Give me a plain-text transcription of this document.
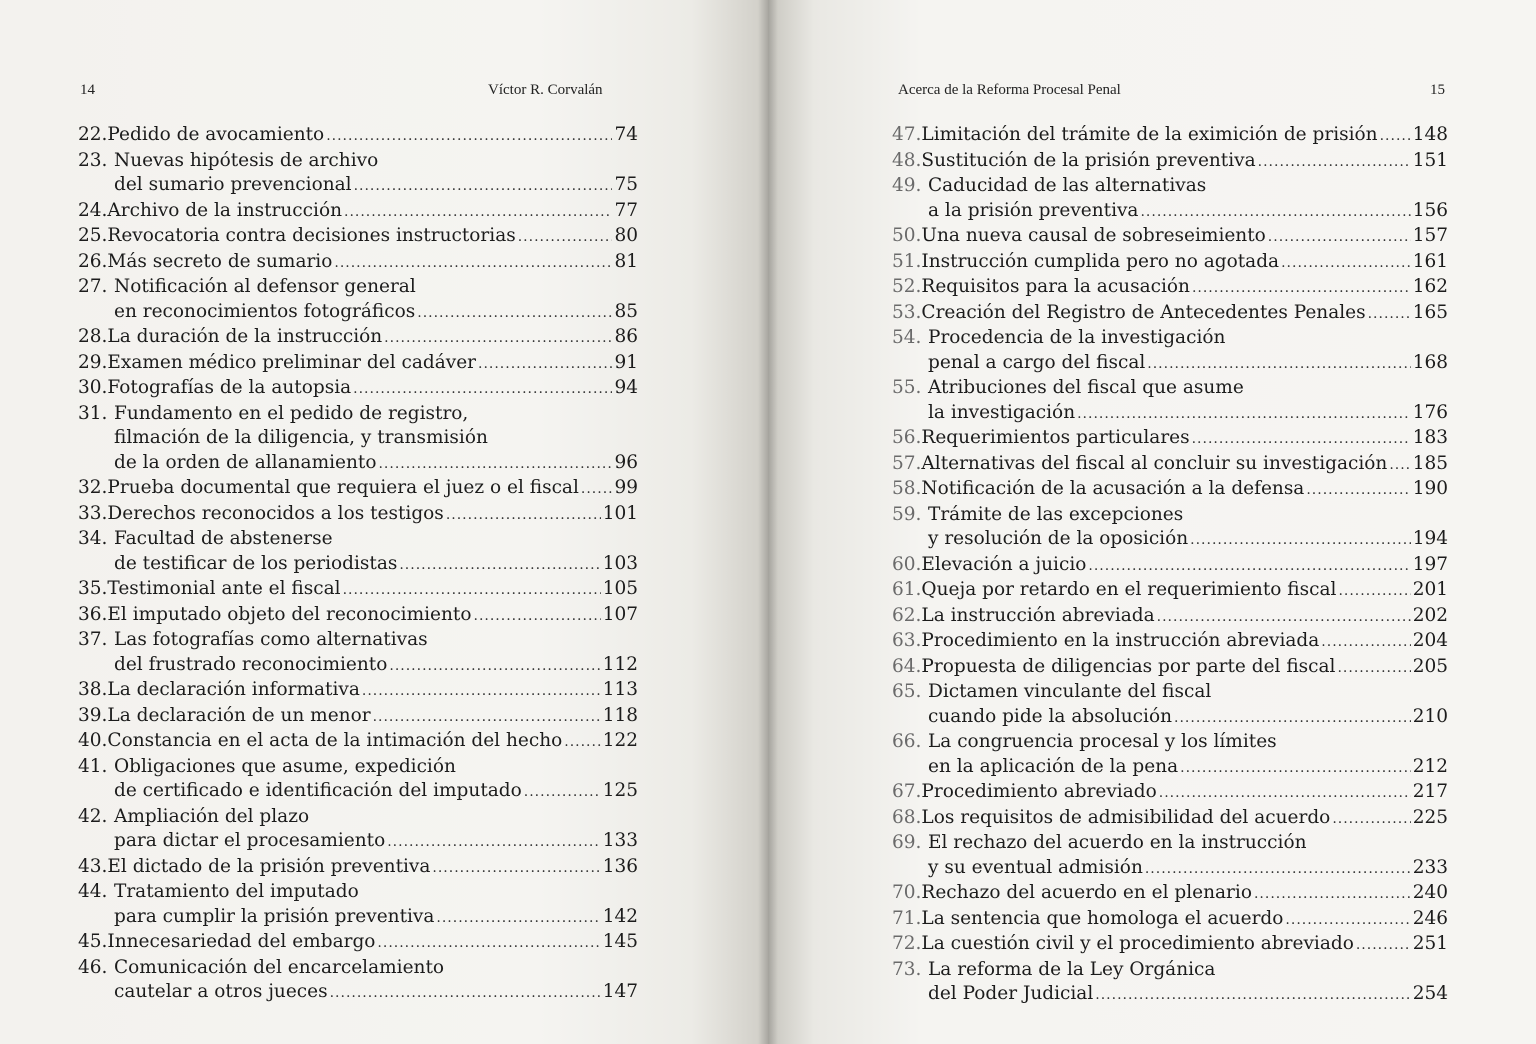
14	Víctor R. Corvalán
22. Pedido de avocamiento .....	74
23. Nuevas hipótesis de archivo
del sumario prevencional .....	75
24. Archivo de la instrucción .....	77
25. Revocatoria contra decisiones instructorias .....	80
26. Más secreto de sumario .....	81
27. Notificación al defensor general
en reconocimientos fotográficos .....	85
28. La duración de la instrucción .....	86
29. Examen médico preliminar del cadáver .....	91
30. Fotografías de la autopsia .....	94
31. Fundamento en el pedido de registro,
filmación de la diligencia, y transmisión
de la orden de allanamiento .....	96
32. Prueba documental que requiera el juez o el fiscal ..... 99
33. Derechos reconocidos a los testigos .....	101
34. Facultad de abstenerse
de testificar de los periodistas .....	103
35. Testimonial ante el fiscal .....	105
36. El imputado objeto del reconocimiento .....	107
37. Las fotografías como alternativas
del frustrado reconocimiento .....	112
38. La declaración informativa .....	113
39. La declaración de un menor .....	118
40. Constancia en el acta de la intimación del hecho ..... 122
41. Obligaciones que asume, expedición
de certificado e identificación del imputado .....	125
42. Ampliación del plazo
para dictar el procesamiento .....	133
43. El dictado de la prisión preventiva .....	136
44. Tratamiento del imputado
para cumplir la prisión preventiva .....	142
45. Innecesariedad del embargo .....	145
46. Comunicación del encarcelamiento
cautelar a otros jueces .....	147
Acerca de la Reforma Procesal Penal	15
47. Limitación del trámite de la eximición de prisión ..... 148
48. Sustitución de la prisión preventiva .....	151
49. Caducidad de las alternativas
a la prisión preventiva .....	156
50. Una nueva causal de sobreseimiento .....	157
51. Instrucción cumplida pero no agotada .....	161
52. Requisitos para la acusación .....	162
53. Creación del Registro de Antecedentes Penales .....	165
54. Procedencia de la investigación
penal a cargo del fiscal .....	168
55. Atribuciones del fiscal que asume
la investigación .....	176
56. Requerimientos particulares .....	183
57. Alternativas del fiscal al concluir su investigación ..... 185
58. Notificación de la acusación a la defensa .....	190
59. Trámite de las excepciones
y resolución de la oposición .....	194
60. Elevación a juicio .....	197
61. Queja por retardo en el requerimiento fiscal .....	201
62. La instrucción abreviada .....	202
63. Procedimiento en la instrucción abreviada .....	204
64. Propuesta de diligencias por parte del fiscal .....	205
65. Dictamen vinculante del fiscal
cuando pide la absolución .....	210
66. La congruencia procesal y los límites
en la aplicación de la pena .....	212
67. Procedimiento abreviado .....	217
68. Los requisitos de admisibilidad del acuerdo .....	225
69. El rechazo del acuerdo en la instrucción
y su eventual admisión .....	233
70. Rechazo del acuerdo en el plenario .....	240
71. La sentencia que homologa el acuerdo .....	246
72. La cuestión civil y el procedimiento abreviado .....	251
73. La reforma de la Ley Orgánica
del Poder Judicial .....	254
